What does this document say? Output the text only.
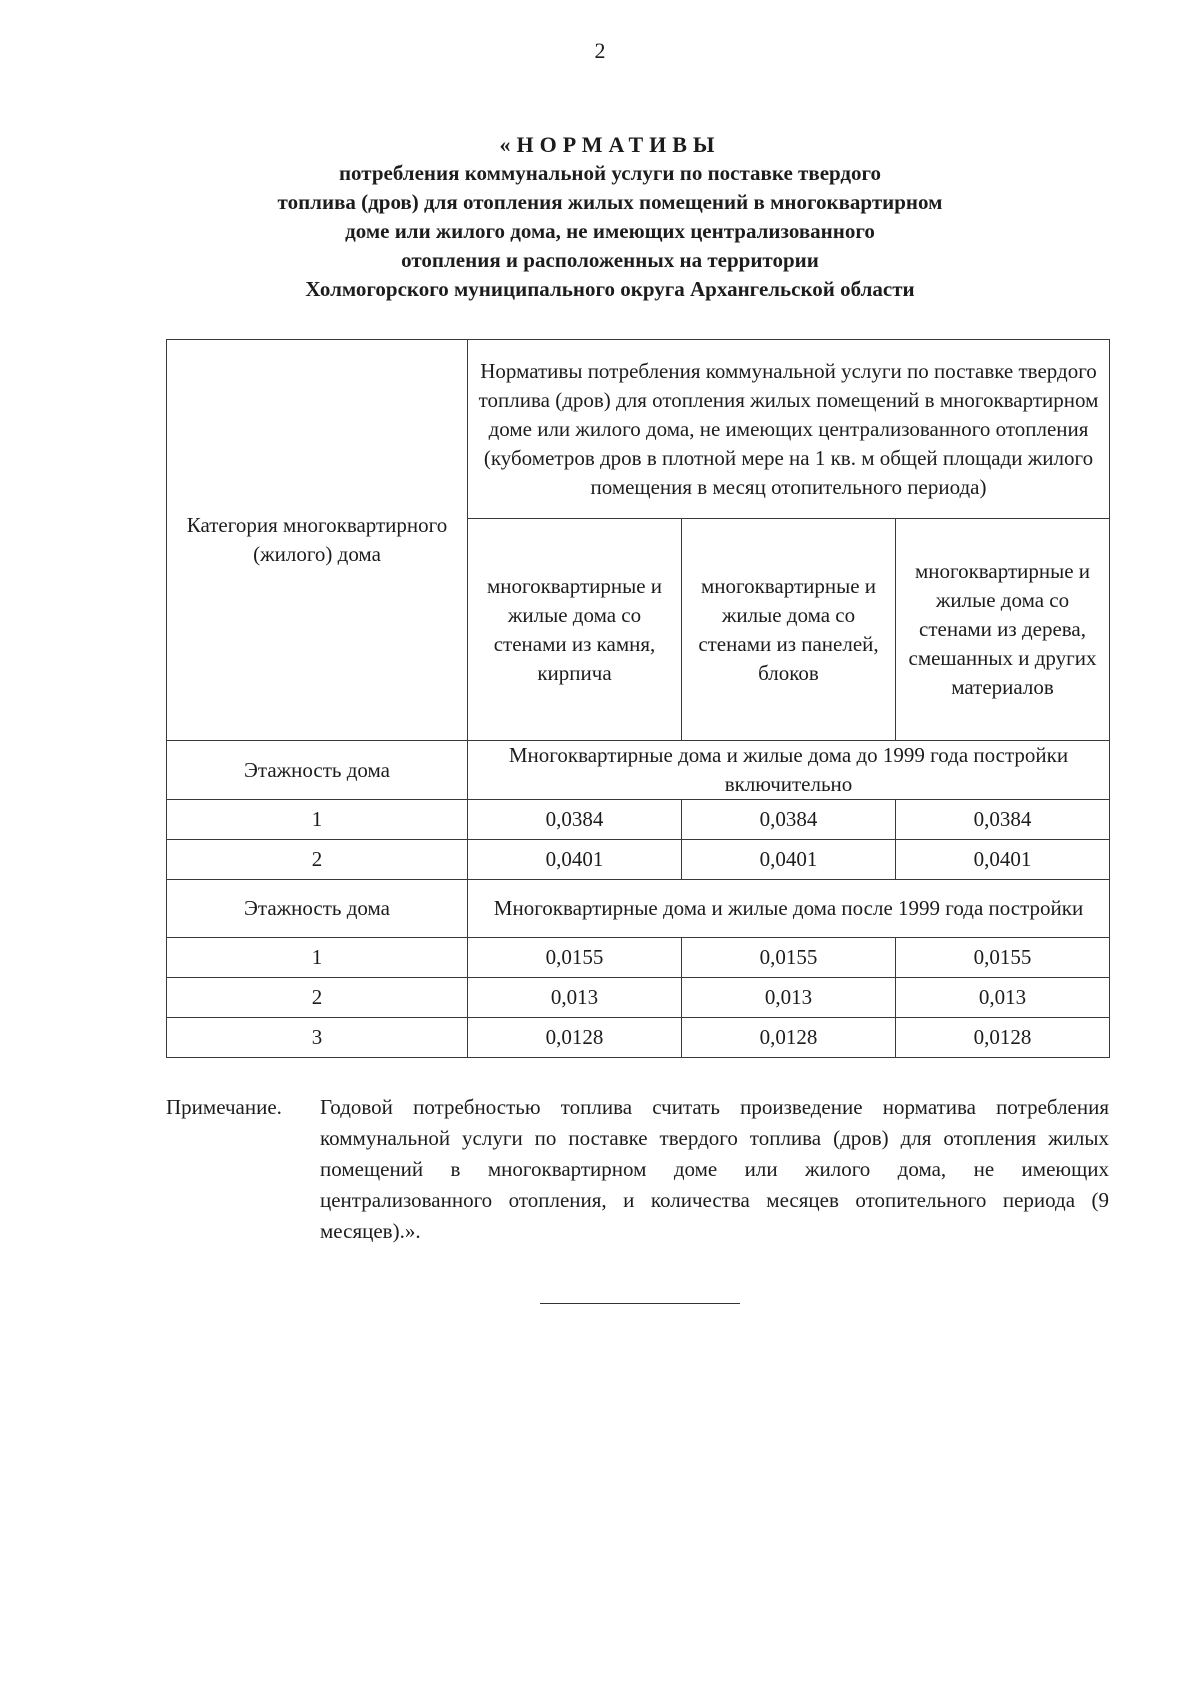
2
«НОРМАТИВЫ
потребления коммунальной услуги по поставке твердого
топлива (дров) для отопления жилых помещений в многоквартирном
доме или жилого дома, не имеющих централизованного
отопления и расположенных на территории
Холмогорского муниципального округа Архангельской области
Категория многоквартирного (жилого) дома	Нормативы потребления коммунальной услуги по поставке твердого топлива (дров) для отопления жилых помещений в многоквартирном доме или жилого дома, не имеющих централизованного отопления (кубометров дров в плотной мере на 1 кв. м общей площади жилого помещения в месяц отопительного периода)		
	многоквартирные и жилые дома со стенами из камня, кирпича	многоквартирные и жилые дома со стенами из панелей, блоков	многоквартирные и жилые дома со стенами из дерева, смешанных и других материалов
Этажность дома	Многоквартирные дома и жилые дома до 1999 года постройки включительно		
1	0,0384	0,0384	0,0384
2	0,0401	0,0401	0,0401
Этажность дома	Многоквартирные дома и жилые дома после 1999 года постройки		
1	0,0155	0,0155	0,0155
2	0,013	0,013	0,013
3	0,0128	0,0128	0,0128
Примечание.	Годовой потребностью топлива считать произведение норматива потребления коммунальной услуги по поставке твердого топлива (дров) для отопления жилых помещений в многоквартирном доме или жилого дома, не имеющих централизованного отопления, и количества месяцев отопительного периода (9 месяцев).».
